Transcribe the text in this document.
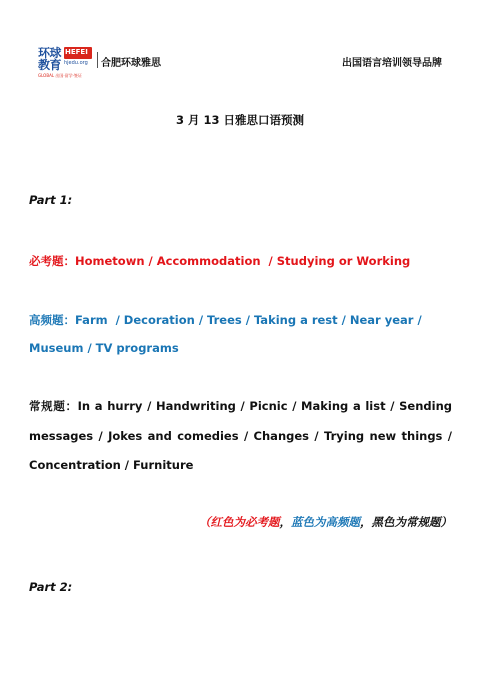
环球
教育
HEFEI
hjedu.org
GLOBAL 出国·留学·签证
合肥环球雅思	出国语言培训领导品牌
3 月 13 日雅思口语预测
Part 1:
必考题：Hometown / Accommodation  / Studying or Working
高频题：Farm  / Decoration / Trees / Taking a rest / Near year /
Museum / TV programs
常规题：In a hurry / Handwriting / Picnic / Making a list / Sending messages / Jokes and comedies / Changes / Trying new things / Concentration / Furniture
（红色为必考题，蓝色为高频题，黑色为常规题）
Part 2:
